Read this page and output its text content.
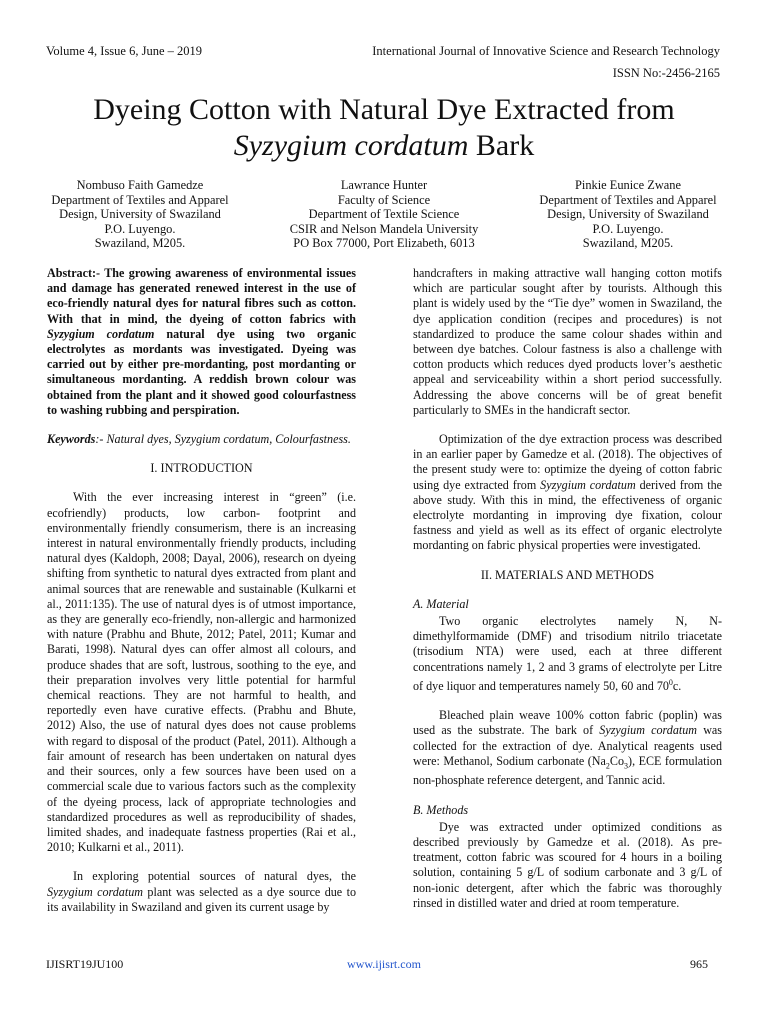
Volume 4, Issue 6, June – 2019	International Journal of Innovative Science and Research Technology
ISSN No:-2456-2165
Dyeing Cotton with Natural Dye Extracted from
Syzygium cordatum Bark
Nombuso Faith Gamedze
Department of Textiles and Apparel
Design, University of Swaziland
P.O. Luyengo.
Swaziland, M205.
Lawrance Hunter
Faculty of Science
Department of Textile Science
CSIR and Nelson Mandela University
PO Box 77000, Port Elizabeth, 6013
Pinkie Eunice Zwane
Department of Textiles and Apparel
Design, University of Swaziland
P.O. Luyengo.
Swaziland, M205.

Abstract:- The growing awareness of environmental issues and damage has generated renewed interest in the use of eco-friendly natural dyes for natural fibres such as cotton. With that in mind, the dyeing of cotton fabrics with Syzygium cordatum natural dye using two organic electrolytes as mordants was investigated. Dyeing was carried out by either pre-mordanting, post mordanting or simultaneous mordanting. A reddish brown colour was obtained from the plant and it showed good colourfastness to washing rubbing and perspiration.

Keywords:- Natural dyes, Syzygium cordatum, Colourfastness.

I. INTRODUCTION

With the ever increasing interest in “green” (i.e. ecofriendly) products, low carbon- footprint and environmentally friendly consumerism, there is an increasing interest in natural environmentally friendly products, including natural dyes (Kaldoph, 2008; Dayal, 2006), research on dyeing shifting from synthetic to natural dyes extracted from plant and animal sources that are renewable and sustainable (Kulkarni et al., 2011:135). The use of natural dyes is of utmost importance, as they are generally eco-friendly, non-allergic and harmonized with nature (Prabhu and Bhute, 2012; Patel, 2011; Kumar and Barati, 1998). Natural dyes can offer almost all colours, and produce shades that are soft, lustrous, soothing to the eye, and their preparation involves very little potential for harmful chemical reactions. They are not harmful to health, and reportedly even have curative effects. (Prabhu and Bhute, 2012) Also, the use of natural dyes does not cause problems with regard to disposal of the product (Patel, 2011). Although a fair amount of research has been undertaken on natural dyes and their sources, only a few sources have been used on a commercial scale due to various factors such as the complexity of the dyeing process, lack of appropriate technologies and standardized procedures as well as reproducibility of shades, limited shades, and inadequate fastness properties (Rai et al., 2010; Kulkarni et al., 2011).

In exploring potential sources of natural dyes, the Syzygium cordatum plant was selected as a dye source due to its availability in Swaziland and given its current usage by

handcrafters in making attractive wall hanging cotton motifs which are particular sought after by tourists. Although this plant is widely used by the “Tie dye” women in Swaziland, the dye application condition (recipes and procedures) is not standardized to produce the same colour shades within and between dye batches. Colour fastness is also a challenge with cotton products which reduces dyed products lover’s aesthetic appeal and serviceability within a short period successfully. Addressing the above concerns will be of great benefit particularly to SMEs in the handicraft sector.

Optimization of the dye extraction process was described in an earlier paper by Gamedze et al. (2018). The objectives of the present study were to: optimize the dyeing of cotton fabric using dye extracted from Syzygium cordatum derived from the above study. With this in mind, the effectiveness of organic electrolyte mordanting in improving dye fixation, colour fastness and yield as well as its effect of organic electrolyte mordanting on fabric physical properties were investigated.

II. MATERIALS AND METHODS
A. Material

Two organic electrolytes namely N, N-dimethylformamide (DMF) and trisodium nitrilo triacetate (trisodium NTA) were used, each at three different concentrations namely 1, 2 and 3 grams of electrolyte per Litre of dye liquor and temperatures namely 50, 60 and $70^0c$.

Bleached plain weave 100% cotton fabric (poplin) was used as the substrate. The bark of Syzygium cordatum was collected for the extraction of dye. Analytical reagents used were: Methanol, Sodium carbonate $(Na_2Co_3)$, ECE formulation non-phosphate reference detergent, and Tannic acid.

B. Methods

Dye was extracted under optimized conditions as described previously by Gamedze et al. (2018). As pre-treatment, cotton fabric was scoured for 4 hours in a boiling solution, containing 5 g/L of sodium carbonate and 3 g/L of non-ionic detergent, after which the fabric was thoroughly rinsed in distilled water and dried at room temperature.

IJISRT19JU100	www.ijisrt.com	965
